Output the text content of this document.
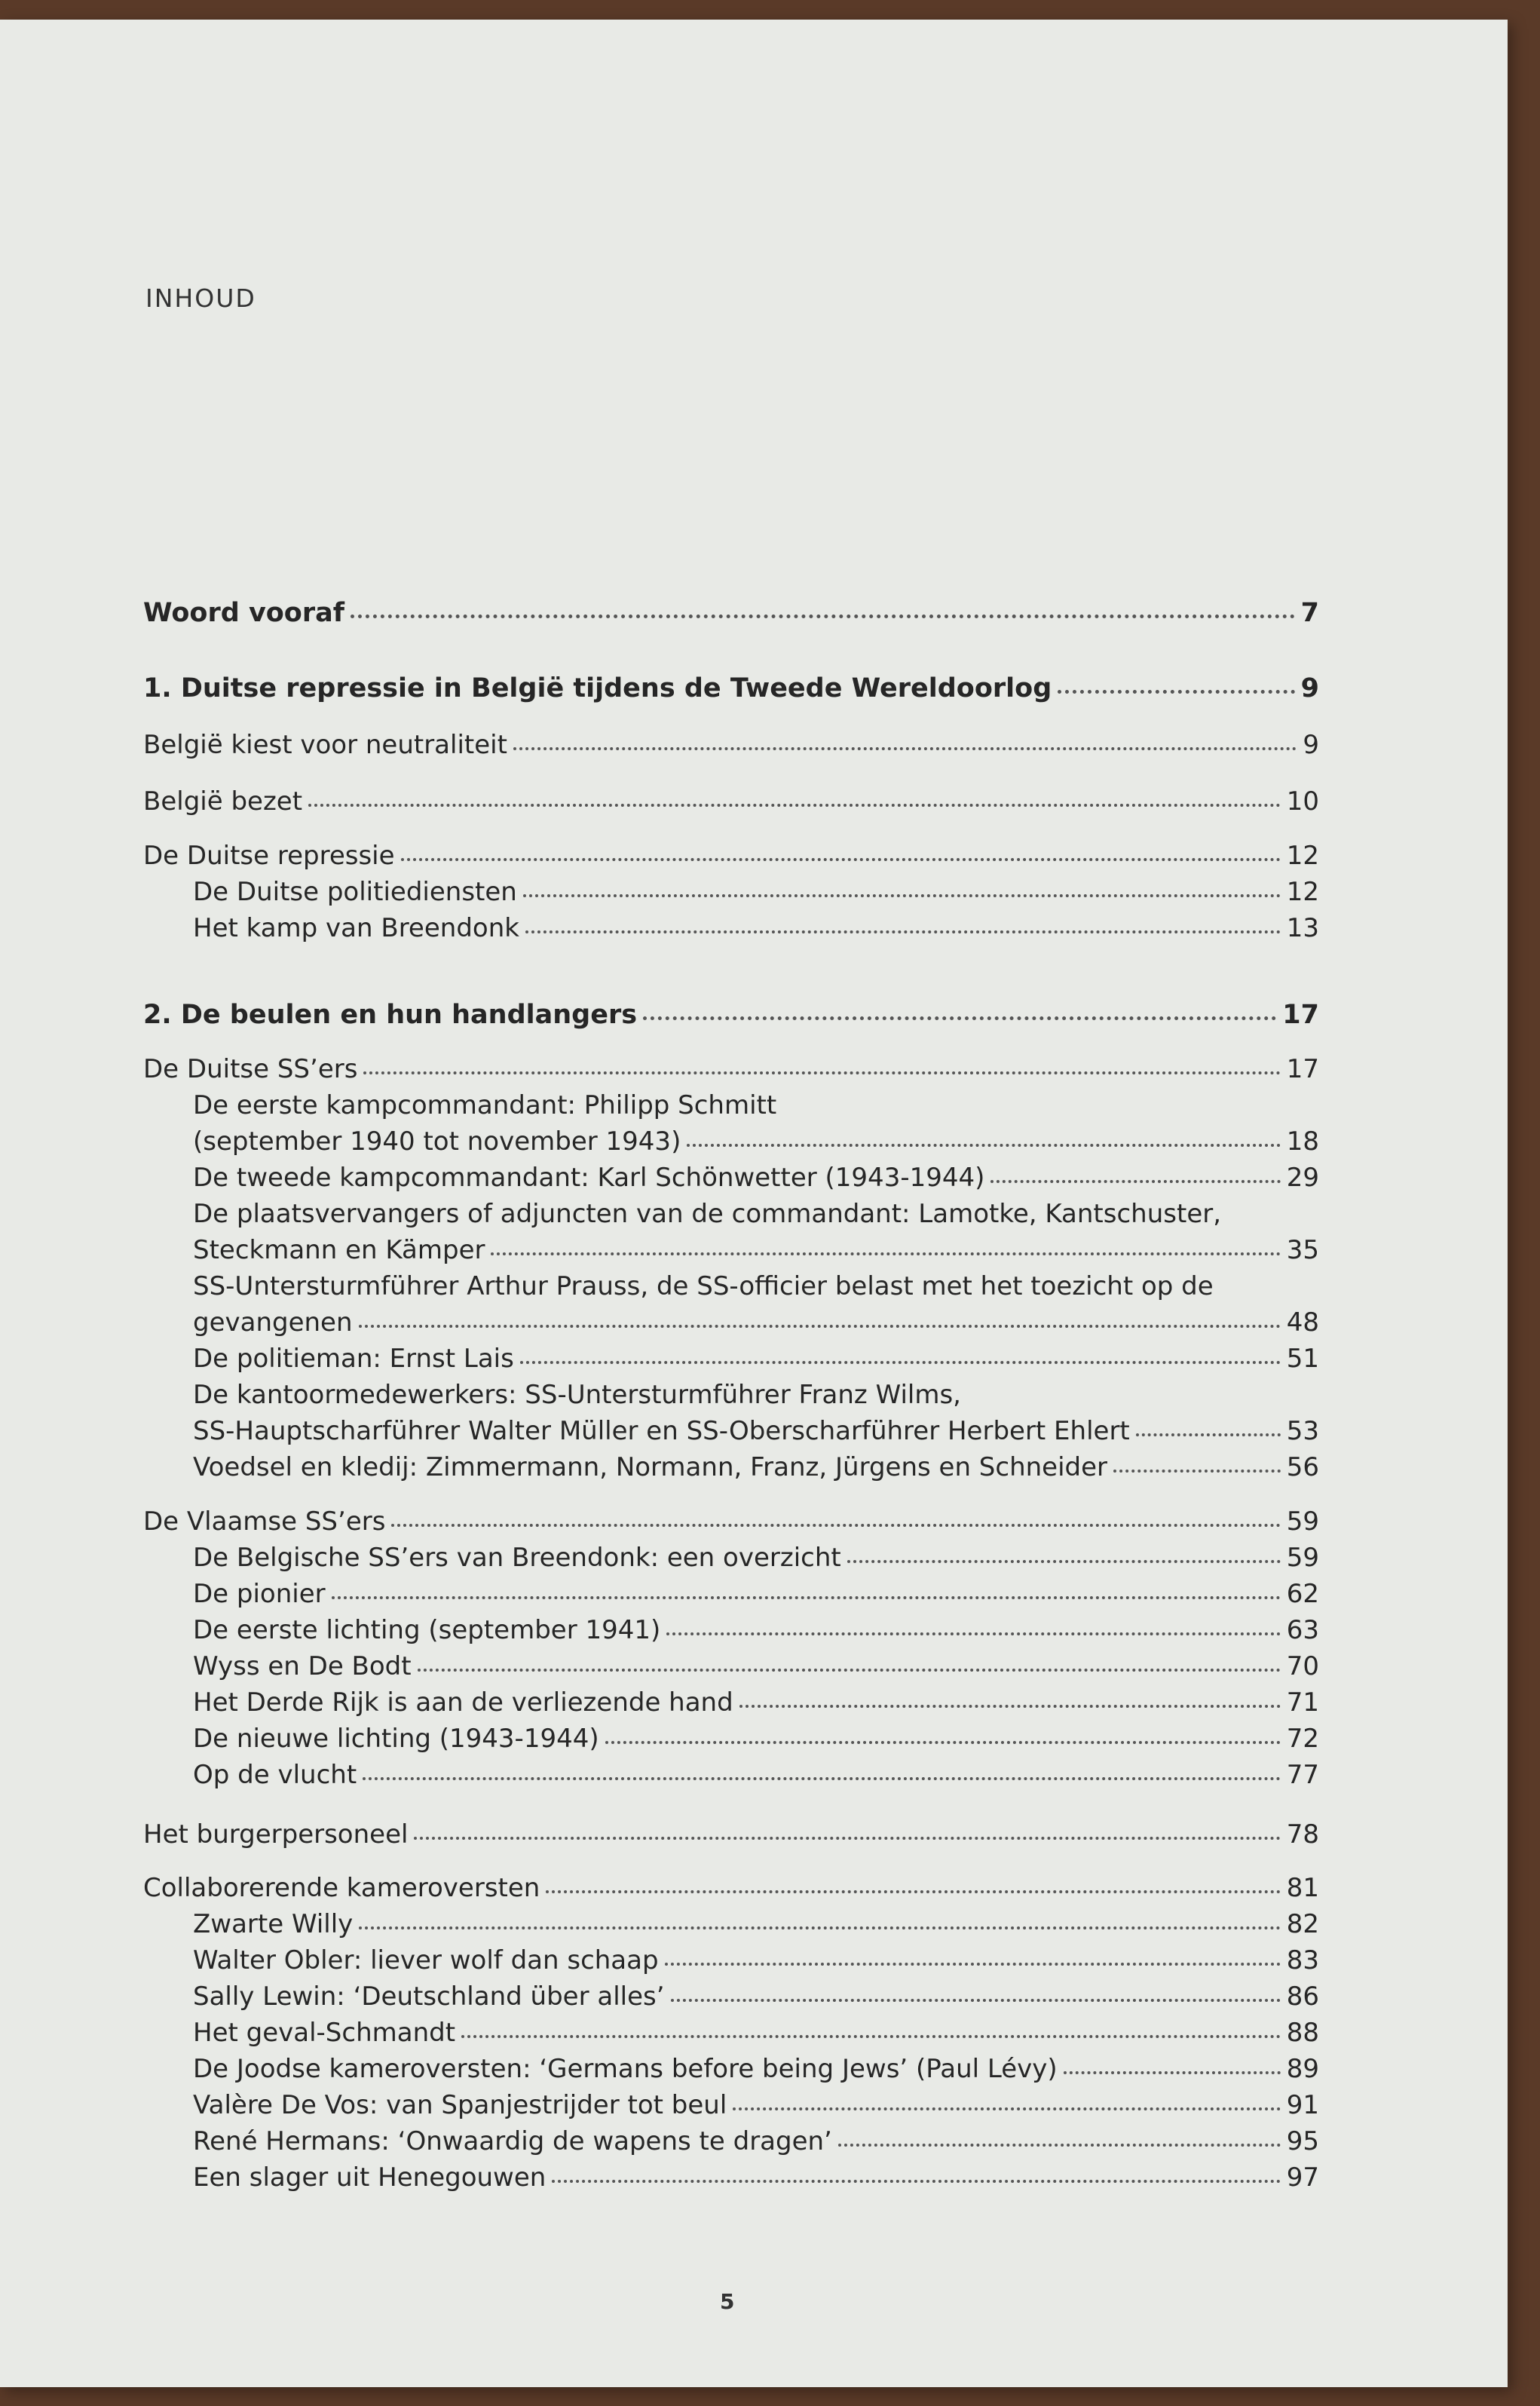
INHOUD
Woord vooraf	7
1. Duitse repressie in België tijdens de Tweede Wereldoorlog	9
België kiest voor neutraliteit	9
België bezet	10
De Duitse repressie	12
De Duitse politiediensten	12
Het kamp van Breendonk	13
2. De beulen en hun handlangers	17
De Duitse SS’ers	17
De eerste kampcommandant: Philipp Schmitt
(september 1940 tot november 1943)	18
De tweede kampcommandant: Karl Schönwetter (1943-1944)	29
De plaatsvervangers of adjuncten van de commandant: Lamotke, Kantschuster,
Steckmann en Kämper	35
SS-Untersturmführer Arthur Prauss, de SS-officier belast met het toezicht op de
gevangenen	48
De politieman: Ernst Lais	51
De kantoormedewerkers: SS-Untersturmführer Franz Wilms,
SS-Hauptscharführer Walter Müller en SS-Oberscharführer Herbert Ehlert	53
Voedsel en kledij: Zimmermann, Normann, Franz, Jürgens en Schneider	56
De Vlaamse SS’ers	59
De Belgische SS’ers van Breendonk: een overzicht	59
De pionier	62
De eerste lichting (september 1941)	63
Wyss en De Bodt	70
Het Derde Rijk is aan de verliezende hand	71
De nieuwe lichting (1943-1944)	72
Op de vlucht	77
Het burgerpersoneel	78
Collaborerende kameroversten	81
Zwarte Willy	82
Walter Obler: liever wolf dan schaap	83
Sally Lewin: ‘Deutschland über alles’	86
Het geval-Schmandt	88
De Joodse kameroversten: ‘Germans before being Jews’ (Paul Lévy)	89
Valère De Vos: van Spanjestrijder tot beul	91
René Hermans: ‘Onwaardig de wapens te dragen’	95
Een slager uit Henegouwen	97
5
